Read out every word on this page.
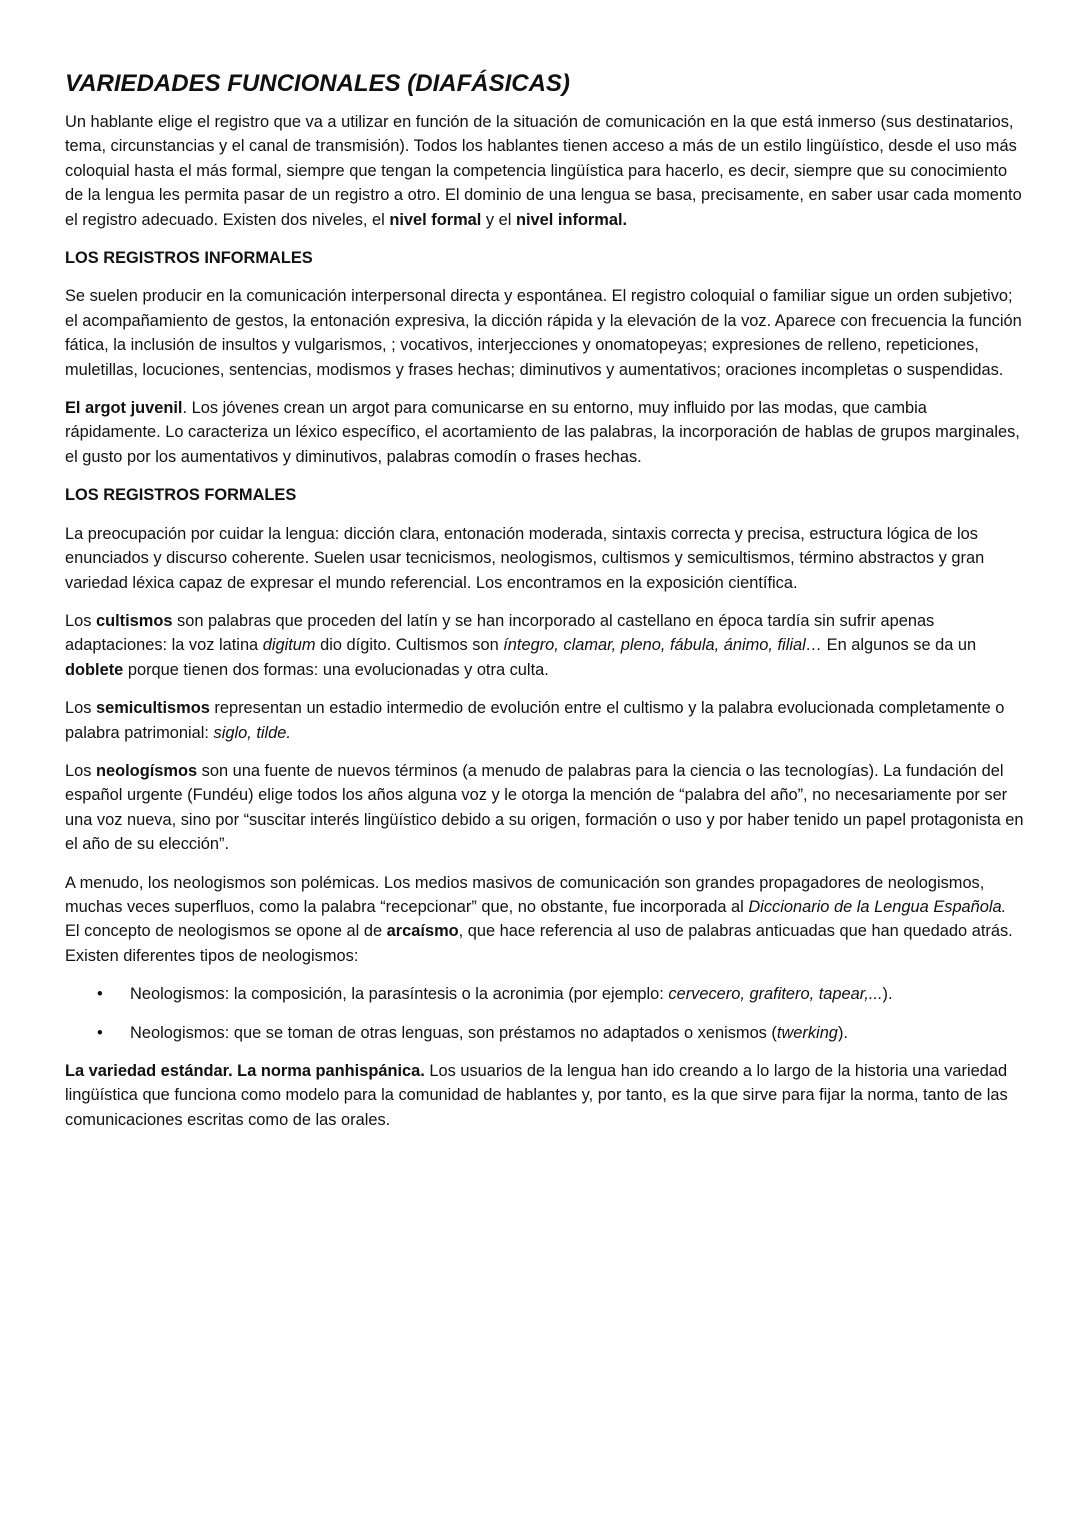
VARIEDADES FUNCIONALES (DIAFÁSICAS)

Un hablante elige el registro que va a utilizar en función de la situación de comunicación en la que está inmerso (sus destinatarios, tema, circunstancias y el canal de transmisión). Todos los hablantes tienen acceso a más de un estilo lingüístico, desde el uso más coloquial hasta el más formal, siempre que tengan la competencia lingüística para hacerlo, es decir, siempre que su conocimiento de la lengua les permita pasar de un registro a otro. El dominio de una lengua se basa, precisamente, en saber usar cada momento el registro adecuado. Existen dos niveles, el nivel formal y el nivel informal.

LOS REGISTROS INFORMALES

Se suelen producir en la comunicación interpersonal directa y espontánea. El registro coloquial o familiar sigue un orden subjetivo; el acompañamiento de gestos, la entonación expresiva, la dicción rápida y la elevación de la voz. Aparece con frecuencia la función fática, la inclusión de insultos y vulgarismos, ; vocativos, interjecciones y onomatopeyas; expresiones de relleno, repeticiones, muletillas, locuciones, sentencias, modismos y frases hechas; diminutivos y aumentativos; oraciones incompletas o suspendidas.

El argot juvenil. Los jóvenes crean un argot para comunicarse en su entorno, muy influido por las modas, que cambia rápidamente. Lo caracteriza un léxico específico, el acortamiento de las palabras, la incorporación de hablas de grupos marginales, el gusto por los aumentativos y diminutivos, palabras comodín o frases hechas.

LOS REGISTROS FORMALES

La preocupación por cuidar la lengua: dicción clara, entonación moderada, sintaxis correcta y precisa, estructura lógica de los enunciados y discurso coherente. Suelen usar tecnicismos, neologismos, cultismos y semicultismos, término abstractos y gran variedad léxica capaz de expresar el mundo referencial. Los encontramos en la exposición científica.

Los cultismos son palabras que proceden del latín y se han incorporado al castellano en época tardía sin sufrir apenas adaptaciones: la voz latina digitum dio dígito. Cultismos son íntegro, clamar, pleno, fábula, ánimo, filial… En algunos se da un doblete porque tienen dos formas: una evolucionadas y otra culta.

Los semicultismos representan un estadio intermedio de evolución entre el cultismo y la palabra evolucionada completamente o palabra patrimonial: siglo, tilde.

Los neologísmos son una fuente de nuevos términos (a menudo de palabras para la ciencia o las tecnologías). La fundación del español urgente (Fundéu) elige todos los años alguna voz y le otorga la mención de “palabra del año”, no necesariamente por ser una voz nueva, sino por “suscitar interés lingüístico debido a su origen, formación o uso y por haber tenido un papel protagonista en el año de su elección”.

A menudo, los neologismos son polémicas. Los medios masivos de comunicación son grandes propagadores de neologismos, muchas veces superfluos, como la palabra “recepcionar” que, no obstante, fue incorporada al Diccionario de la Lengua Española. El concepto de neologismos se opone al de arcaísmo, que hace referencia al uso de palabras anticuadas que han quedado atrás. Existen diferentes tipos de neologismos:

• Neologismos: la composición, la parasíntesis o la acronimia (por ejemplo: cervecero, grafitero, tapear,...).
• Neologismos: que se toman de otras lenguas, son préstamos no adaptados o xenismos (twerking).

La variedad estándar. La norma panhispánica. Los usuarios de la lengua han ido creando a lo largo de la historia una variedad lingüística que funciona como modelo para la comunidad de hablantes y, por tanto, es la que sirve para fijar la norma, tanto de las comunicaciones escritas como de las orales.
